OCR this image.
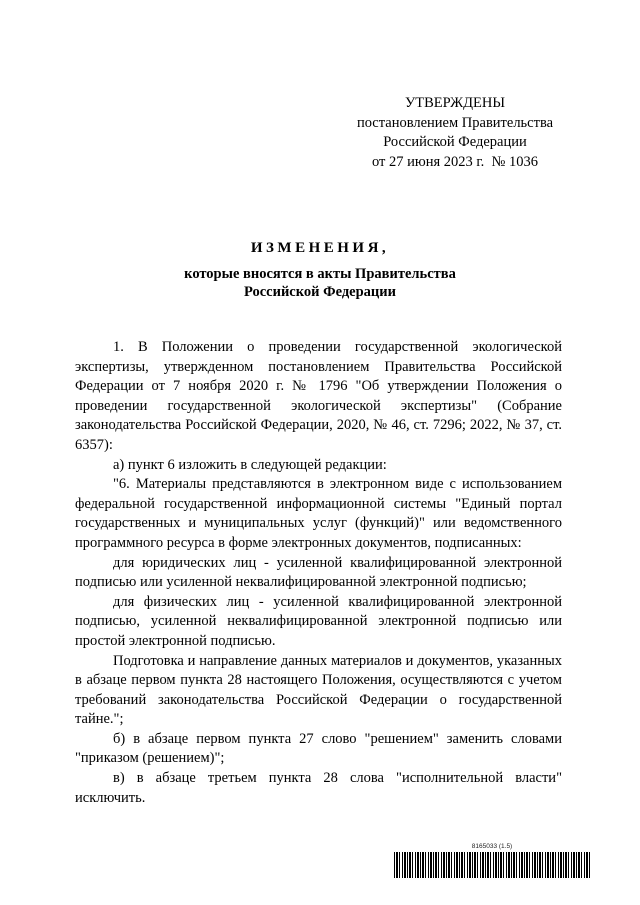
УТВЕРЖДЕНЫ
постановлением Правительства
Российской Федерации
от 27 июня 2023 г.  № 1036
ИЗМЕНЕНИЯ,
которые вносятся в акты Правительства
Российской Федерации

1. В Положении о проведении государственной экологической экспертизы, утвержденном постановлением Правительства Российской Федерации от 7 ноября 2020 г. № 1796 "Об утверждении Положения о проведении государственной экологической экспертизы" (Собрание законодательства Российской Федерации, 2020, № 46, ст. 7296; 2022, № 37, ст. 6357):

а) пункт 6 изложить в следующей редакции:

"6. Материалы представляются в электронном виде с использованием федеральной государственной информационной системы "Единый портал государственных и муниципальных услуг (функций)" или ведомственного программного ресурса в форме электронных документов, подписанных:

для юридических лиц - усиленной квалифицированной электронной подписью или усиленной неквалифицированной электронной подписью;

для физических лиц - усиленной квалифицированной электронной подписью, усиленной неквалифицированной электронной подписью или простой электронной подписью.

Подготовка и направление данных материалов и документов, указанных в абзаце первом пункта 28 настоящего Положения, осуществляются с учетом требований законодательства Российской Федерации о государственной тайне.";

б) в абзаце первом пункта 27 слово "решением" заменить словами "приказом (решением)";

в) в абзаце третьем пункта 28 слова "исполнительной власти" исключить.

8165033 (1.5)
